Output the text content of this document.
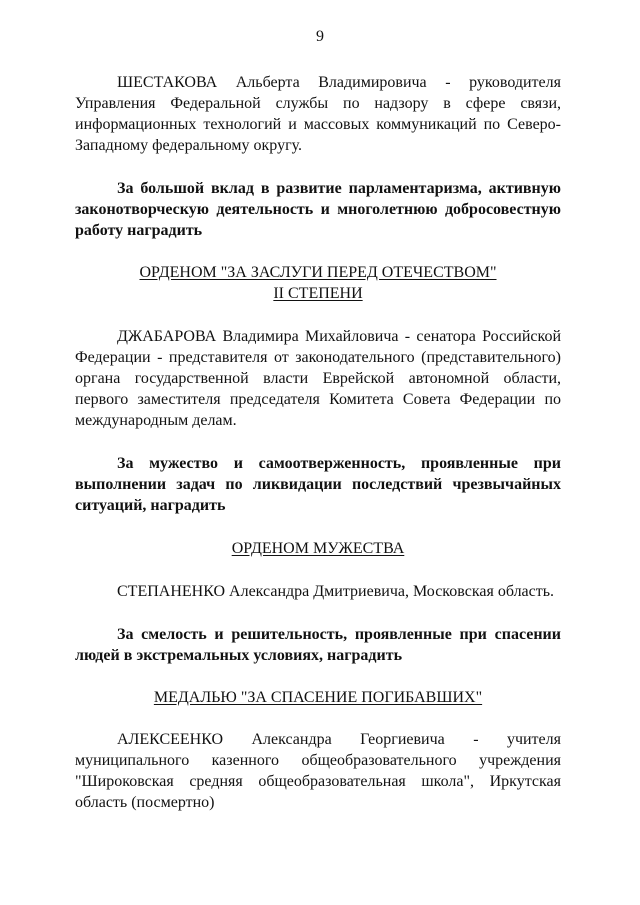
9

ШЕСТАКОВА Альберта Владимировича - руководителя Управления Федеральной службы по надзору в сфере связи, информационных технологий и массовых коммуникаций по Северо-Западному федеральному округу.

За большой вклад в развитие парламентаризма, активную законотворческую деятельность и многолетнюю добросовестную работу наградить

ОРДЕНОМ "ЗА ЗАСЛУГИ ПЕРЕД ОТЕЧЕСТВОМ"
II СТЕПЕНИ

ДЖАБАРОВА Владимира Михайловича - сенатора Российской Федерации - представителя от законодательного (представительного) органа государственной власти Еврейской автономной области, первого заместителя председателя Комитета Совета Федерации по международным делам.

За мужество и самоотверженность, проявленные при выполнении задач по ликвидации последствий чрезвычайных ситуаций, наградить

ОРДЕНОМ МУЖЕСТВА

СТЕПАНЕНКО Александра Дмитриевича, Московская область.

За смелость и решительность, проявленные при спасении людей в экстремальных условиях, наградить

МЕДАЛЬЮ "ЗА СПАСЕНИЕ ПОГИБАВШИХ"

АЛЕКСЕЕНКО Александра Георгиевича - учителя муниципального казенного общеобразовательного учреждения "Широковская средняя общеобразовательная школа", Иркутская область (посмертно)
